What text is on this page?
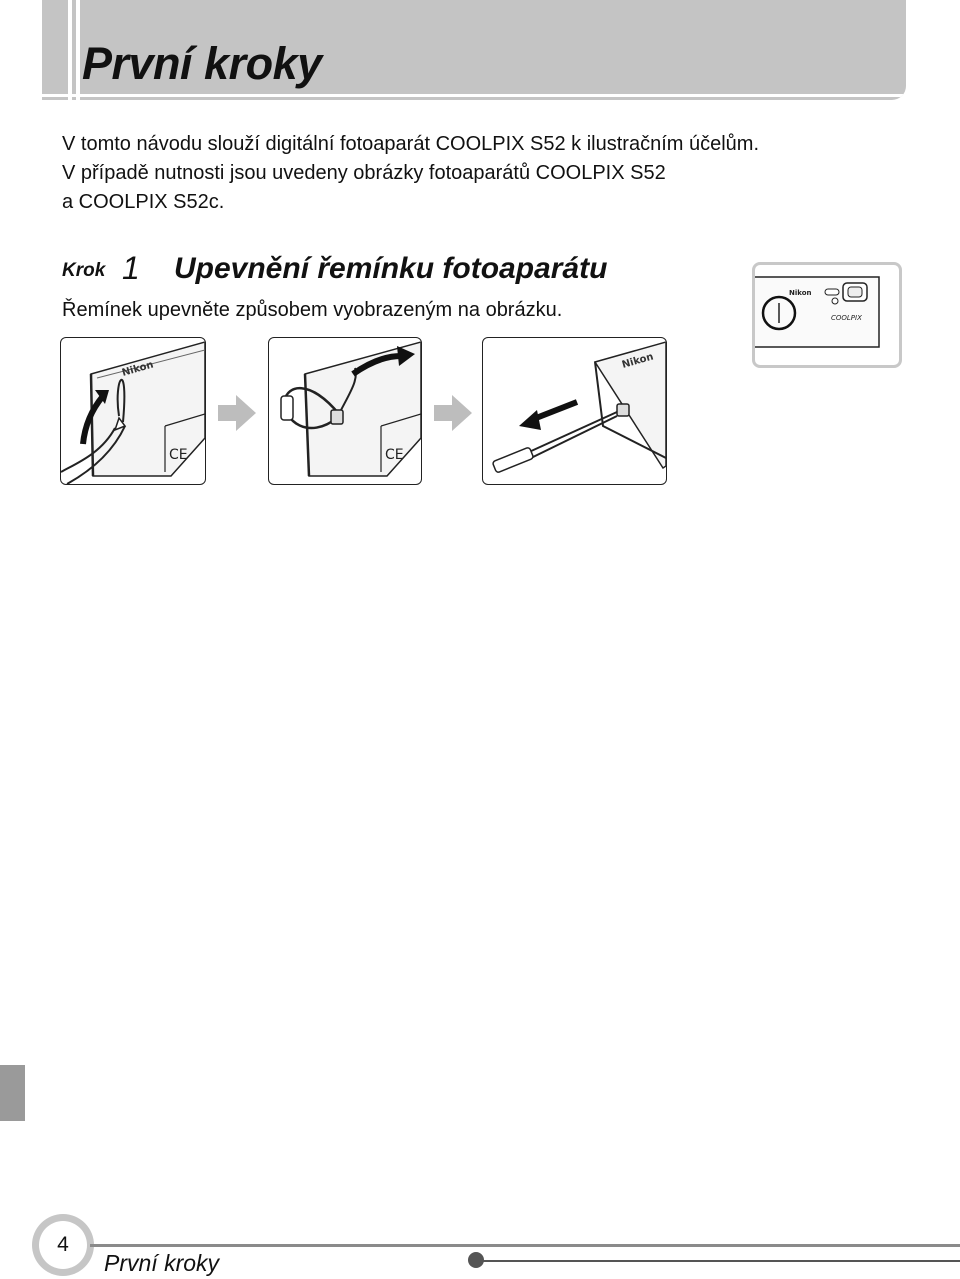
První kroky

V tomto návodu slouží digitální fotoaparát COOLPIX S52 k ilustračním účelům.
V případě nutnosti jsou uvedeny obrázky fotoaparátů COOLPIX S52
a COOLPIX S52c.

Krok 1 Upevnění řemínku fotoaparátu

Řemínek upevněte způsobem vyobrazeným na obrázku.

CE
Nikon
CE
Nikon
Nikon
COOLPIX
4

První kroky
